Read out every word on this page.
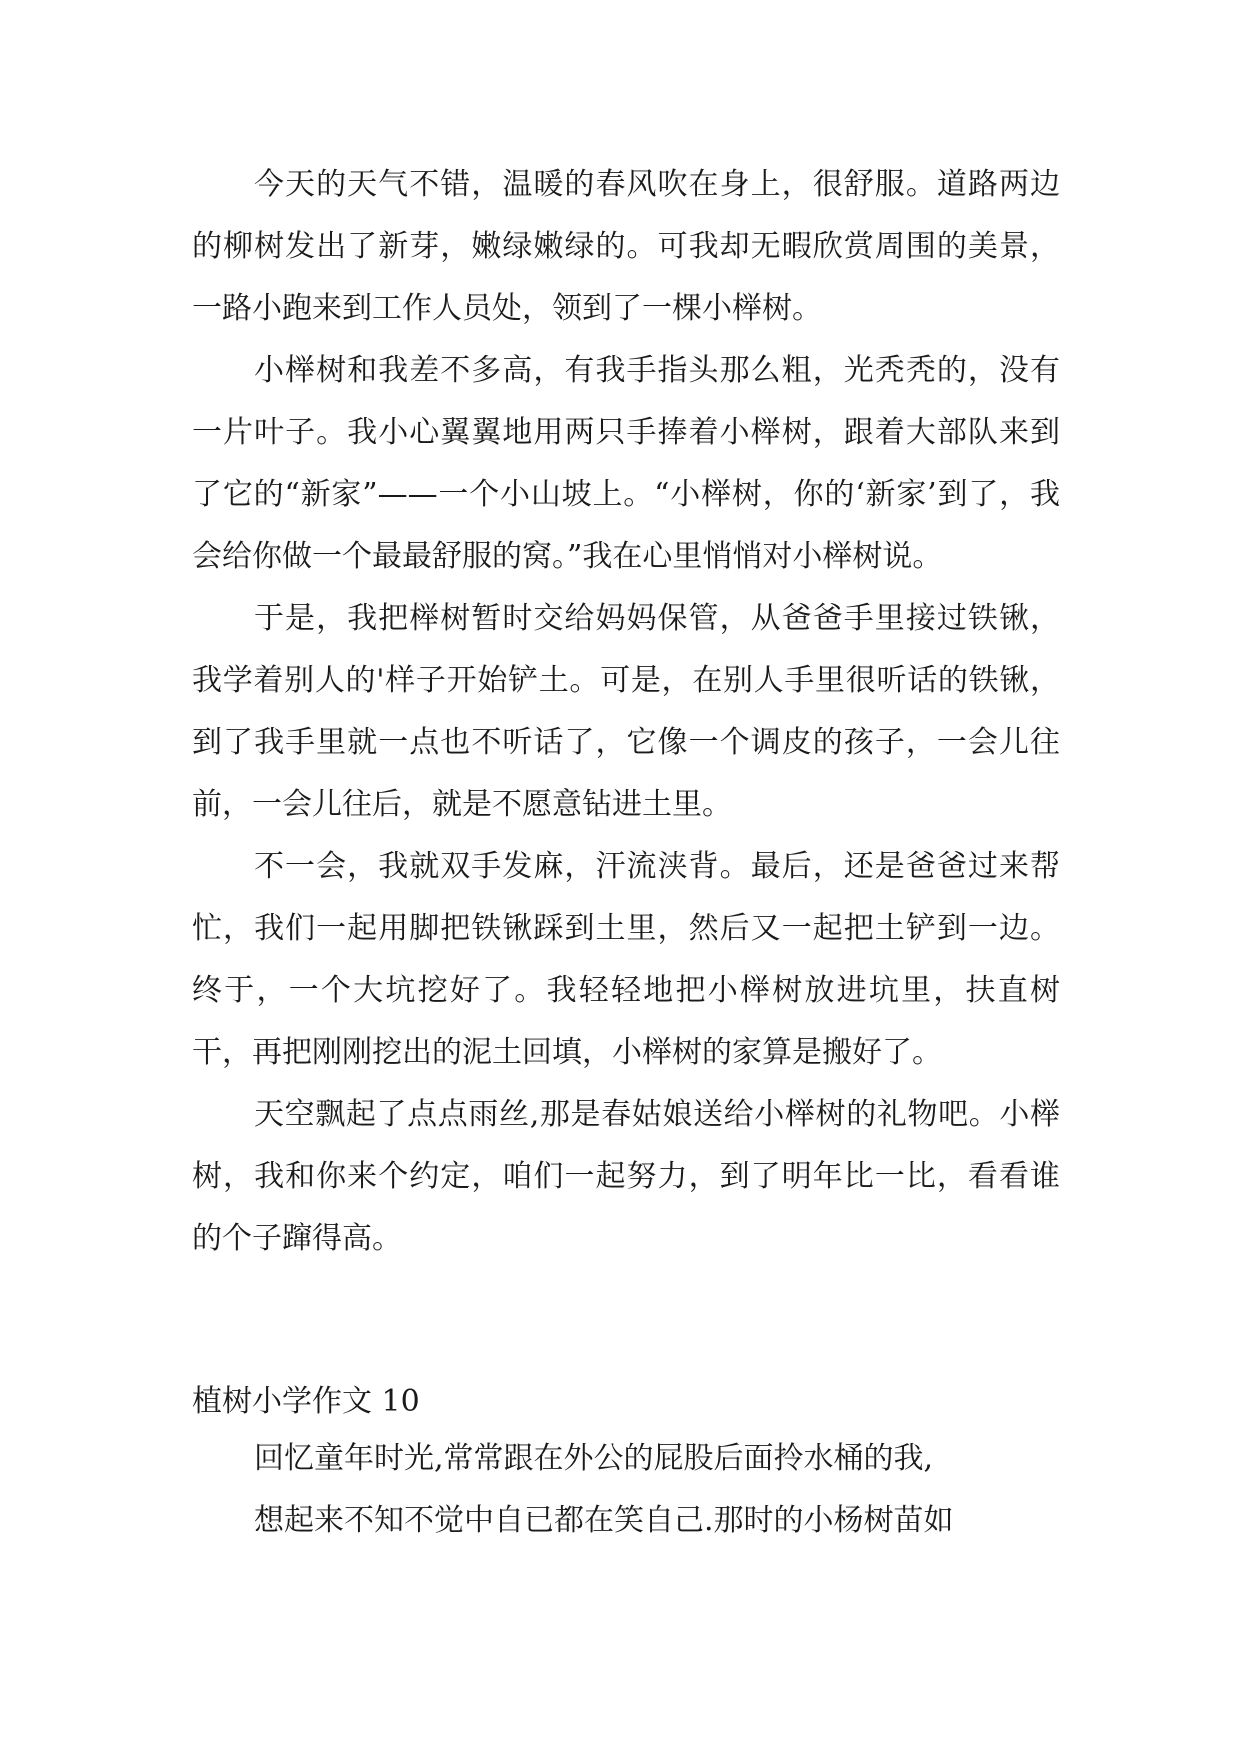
今天的天气不错，温暖的春风吹在身上，很舒服。道路两边的柳树发出了新芽，嫩绿嫩绿的。可我却无暇欣赏周围的美景，一路小跑来到工作人员处，领到了一棵小榉树。

小榉树和我差不多高，有我手指头那么粗，光秃秃的，没有一片叶子。我小心翼翼地用两只手捧着小榉树，跟着大部队来到了它的“新家”——一个小山坡上。“小榉树，你的‘新家’到了，我会给你做一个最最舒服的窝。”我在心里悄悄对小榉树说。

于是，我把榉树暂时交给妈妈保管，从爸爸手里接过铁锹，我学着别人的'样子开始铲土。可是，在别人手里很听话的铁锹，到了我手里就一点也不听话了，它像一个调皮的孩子，一会儿往前，一会儿往后，就是不愿意钻进土里。

不一会，我就双手发麻，汗流浃背。最后，还是爸爸过来帮忙，我们一起用脚把铁锹踩到土里，然后又一起把土铲到一边。终于，一个大坑挖好了。我轻轻地把小榉树放进坑里，扶直树干，再把刚刚挖出的泥土回填，小榉树的家算是搬好了。

天空飘起了点点雨丝,那是春姑娘送给小榉树的礼物吧。小榉树，我和你来个约定，咱们一起努力，到了明年比一比，看看谁的个子蹿得高。

植树小学作文 10

回忆童年时光,常常跟在外公的屁股后面拎水桶的我,

想起来不知不觉中自已都在笑自己.那时的小杨树苗如
